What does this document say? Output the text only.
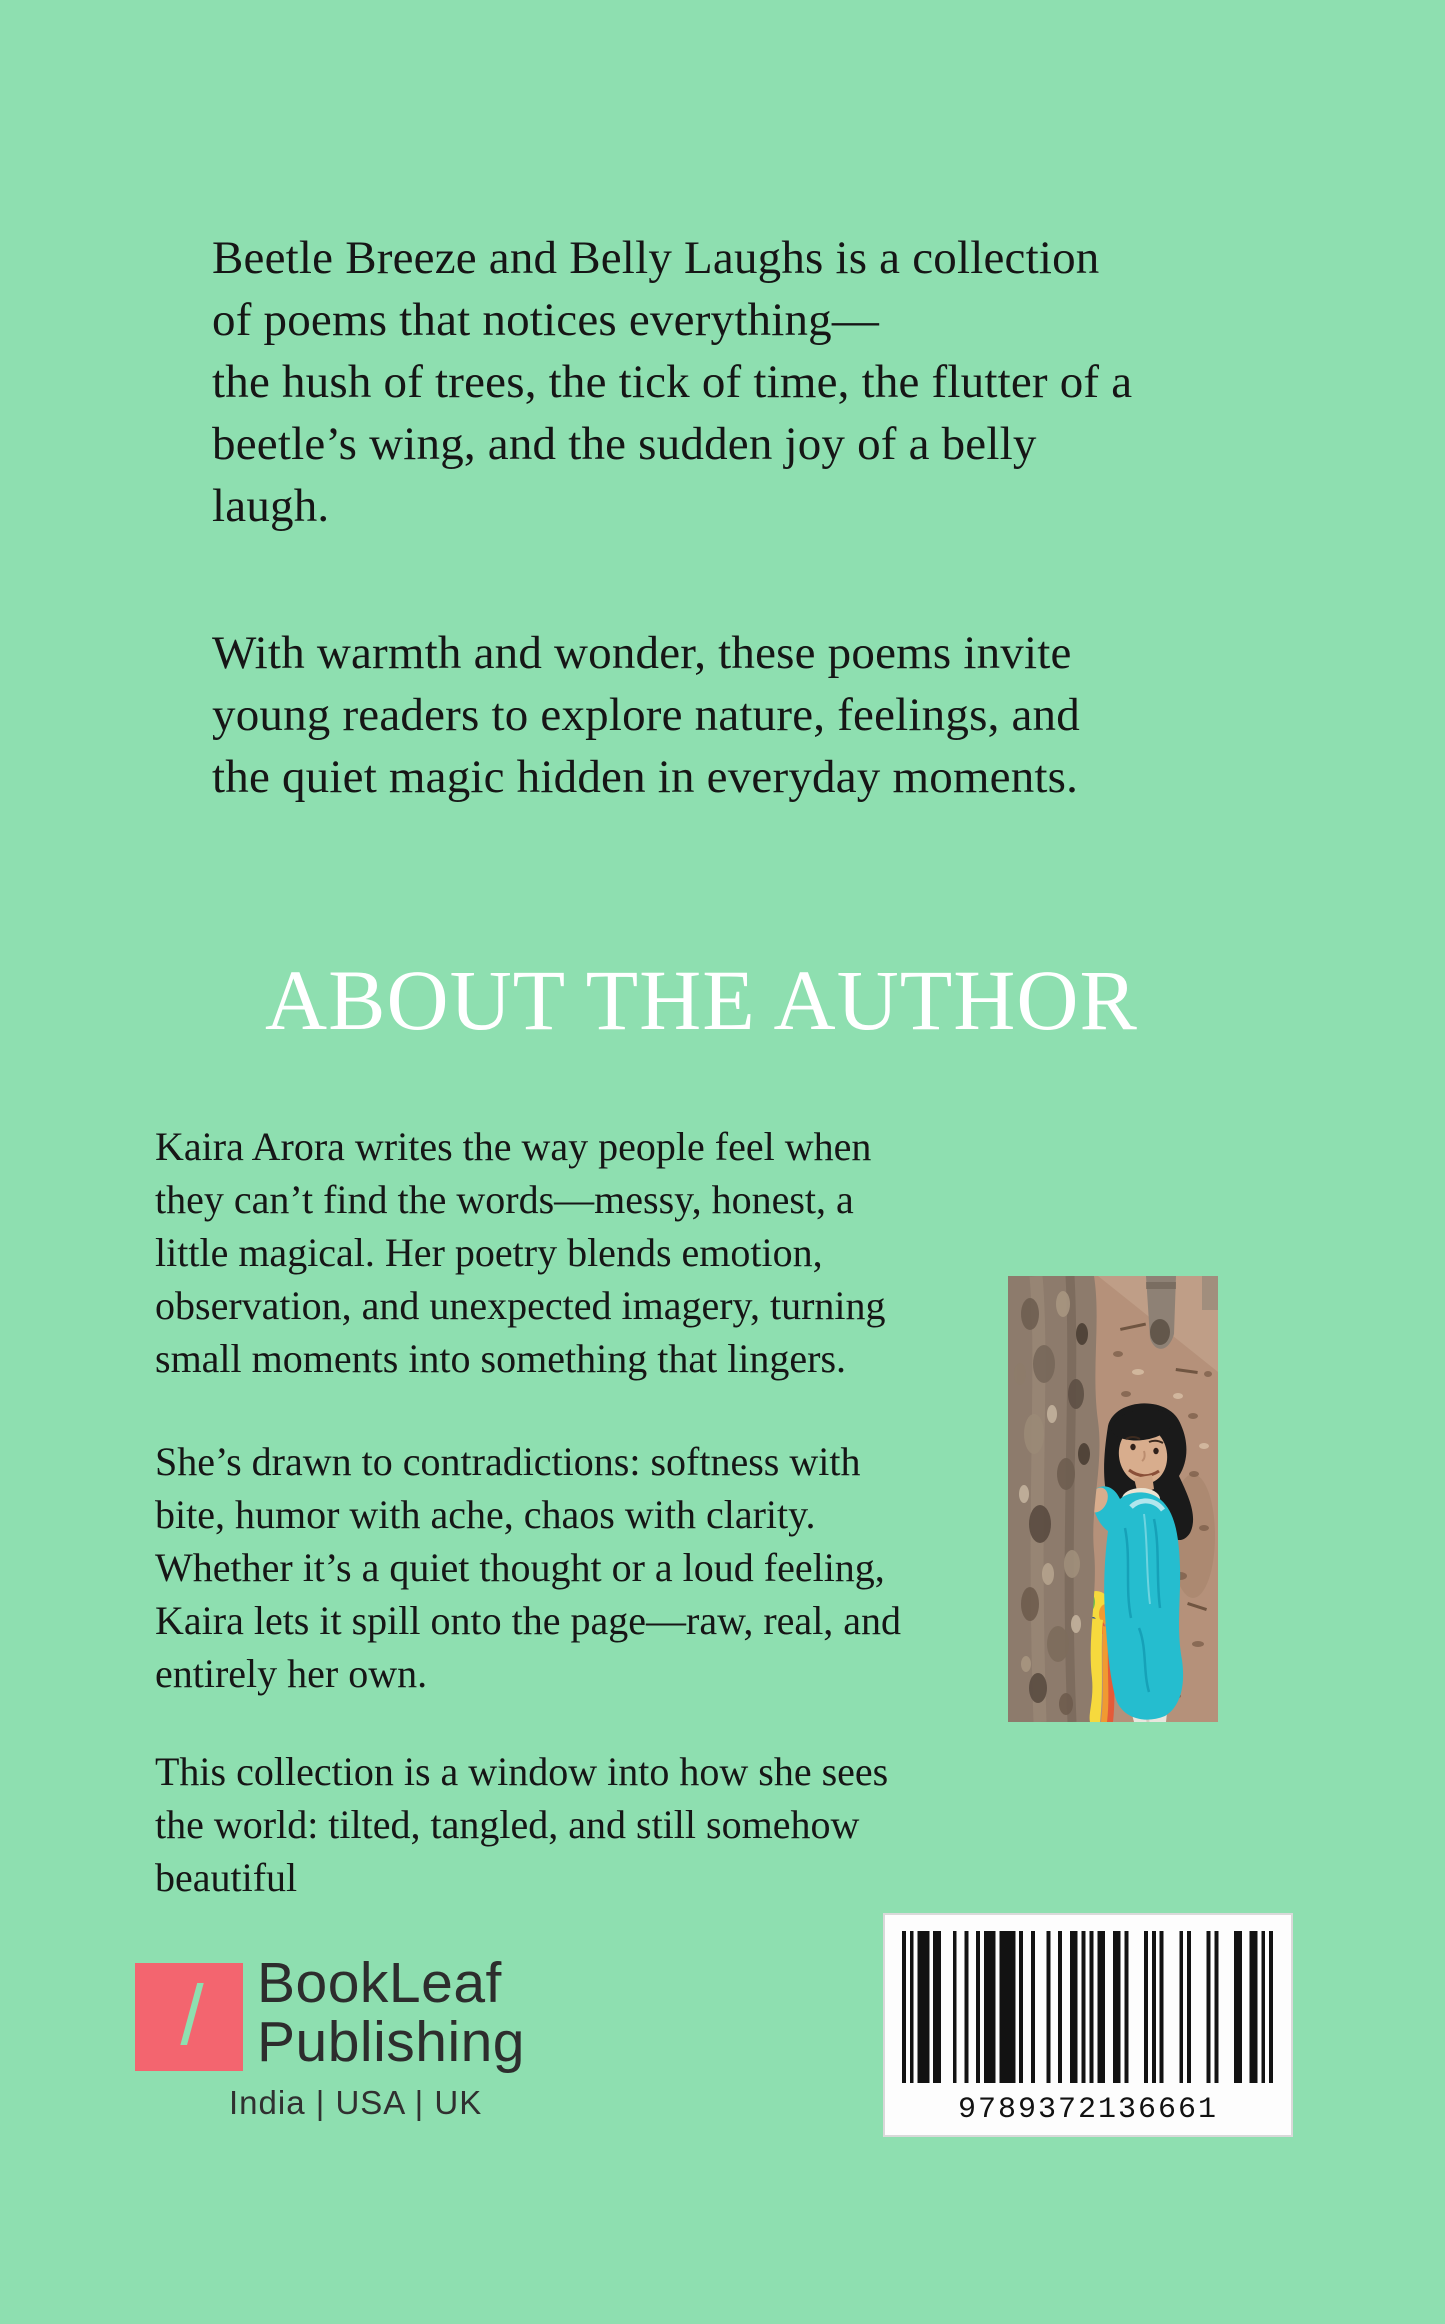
Beetle Breeze and Belly Laughs is a collection
of poems that notices everything—
the hush of trees, the tick of time, the flutter of a
beetle’s wing, and the sudden joy of a belly
laugh.
With warmth and wonder, these poems invite
young readers to explore nature, feelings, and
the quiet magic hidden in everyday moments.
ABOUT THE AUTHOR
Kaira Arora writes the way people feel when
they can’t find the words—messy, honest, a
little magical. Her poetry blends emotion,
observation, and unexpected imagery, turning
small moments into something that lingers.
She’s drawn to contradictions: softness with
bite, humor with ache, chaos with clarity.
Whether it’s a quiet thought or a loud feeling,
Kaira lets it spill onto the page—raw, real, and
entirely her own.
This collection is a window into how she sees
the world: tilted, tangled, and still somehow
beautiful
/ BookLeaf
Publishing
India | USA | UK	9789372136661
